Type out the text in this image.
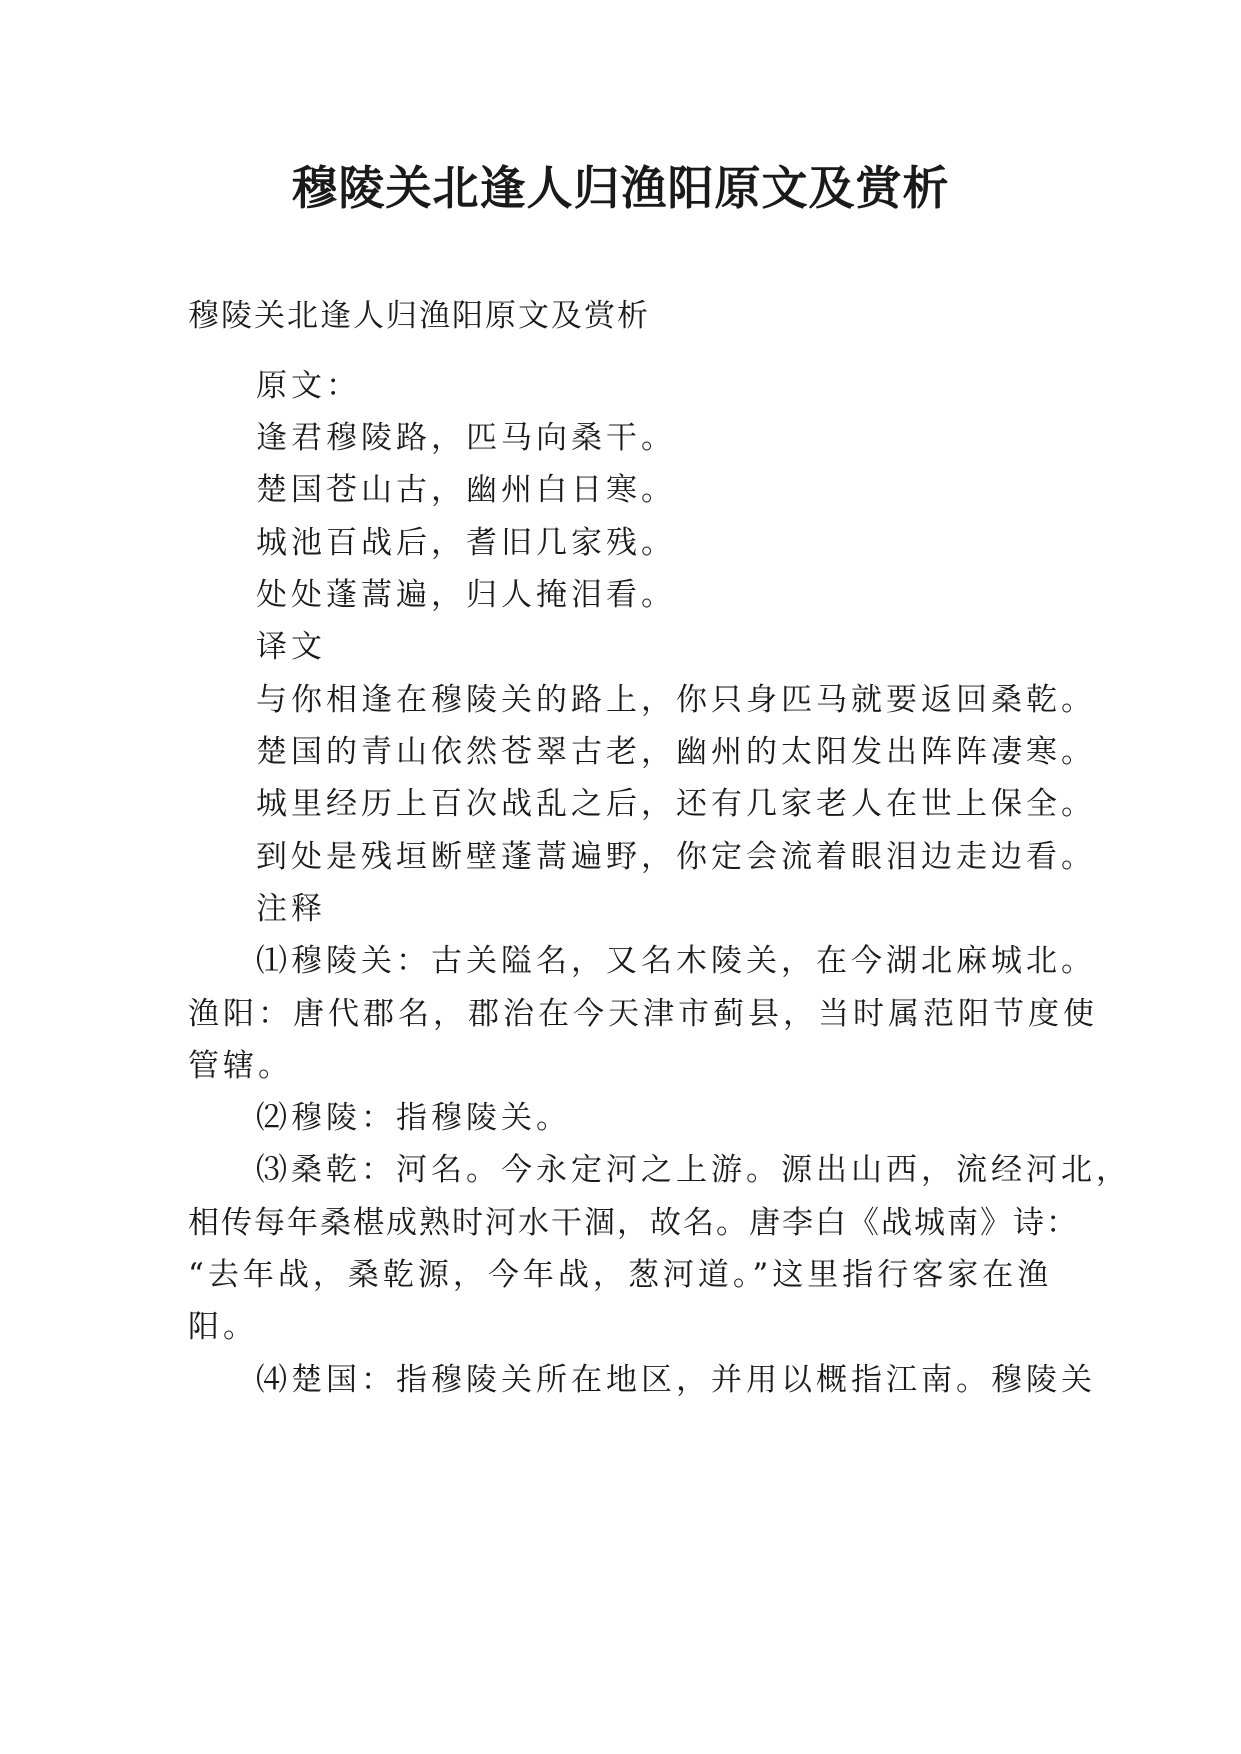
穆陵关北逢人归渔阳原文及赏析

穆陵关北逢人归渔阳原文及赏析

原文：

逢君穆陵路，匹马向桑干。

楚国苍山古，幽州白日寒。

城池百战后，耆旧几家残。

处处蓬蒿遍，归人掩泪看。

译文

与你相逢在穆陵关的路上，你只身匹马就要返回桑乾。

楚国的青山依然苍翠古老，幽州的太阳发出阵阵凄寒。

城里经历上百次战乱之后，还有几家老人在世上保全。

到处是残垣断壁蓬蒿遍野，你定会流着眼泪边走边看。

注释

⑴穆陵关：古关隘名，又名木陵关，在今湖北麻城北。

渔阳：唐代郡名，郡治在今天津市蓟县，当时属范阳节度使

管辖。

⑵穆陵：指穆陵关。

⑶桑乾：河名。今永定河之上游。源出山西，流经河北，

相传每年桑椹成熟时河水干涸，故名。唐李白《战城南》诗：

“去年战，桑乾源，今年战，葱河道。”这里指行客家在渔

阳。

⑷楚国：指穆陵关所在地区，并用以概指江南。穆陵关
